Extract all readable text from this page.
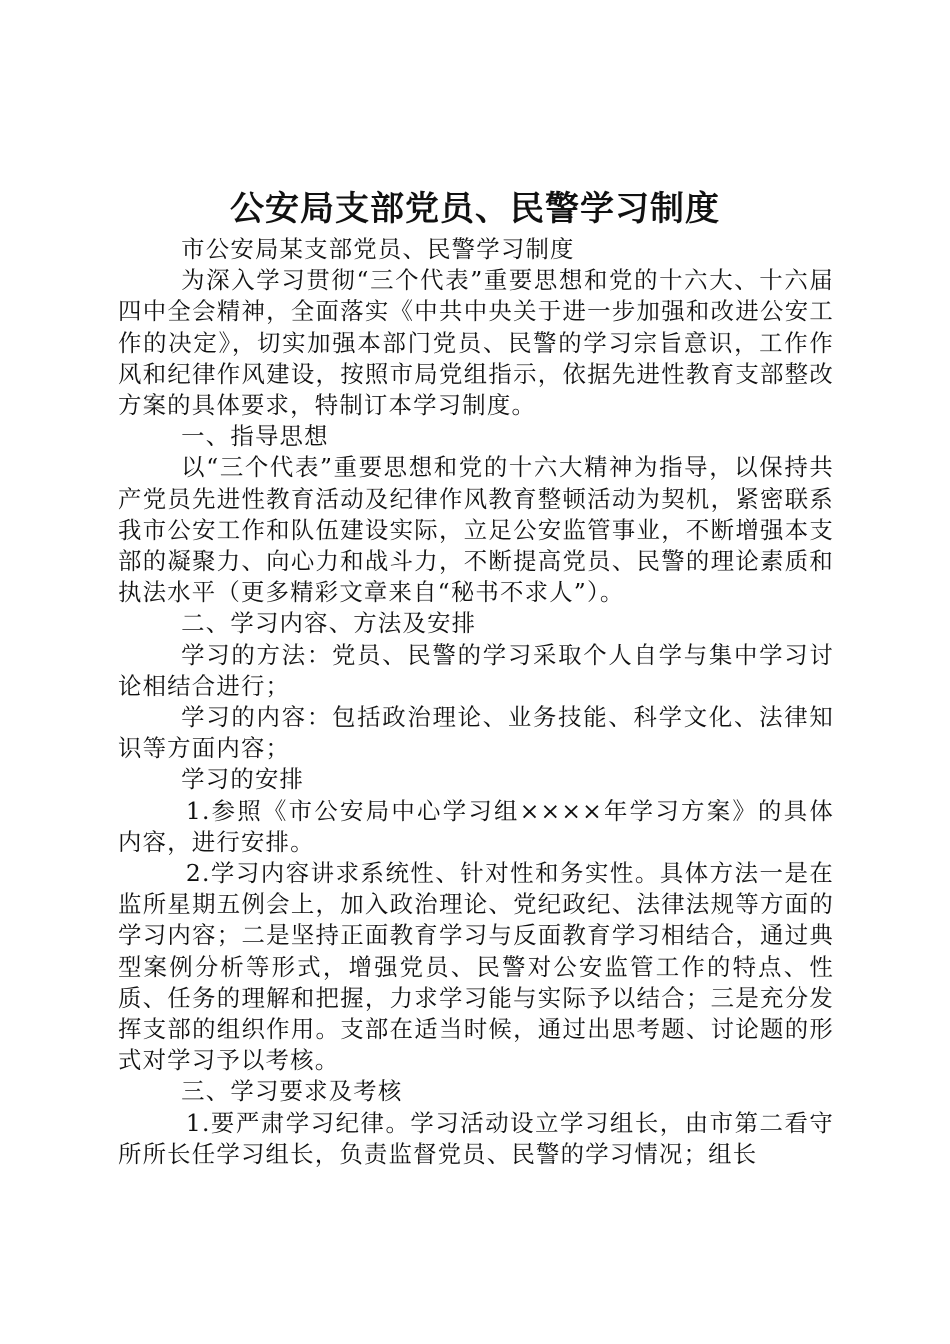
公安局支部党员、民警学习制度

市公安局某支部党员、民警学习制度

为深入学习贯彻“三个代表”重要思想和党的十六大、十六届四中全会精神，全面落实《中共中央关于进一步加强和改进公安工作的决定》，切实加强本部门党员、民警的学习宗旨意识，工作作风和纪律作风建设，按照市局党组指示，依据先进性教育支部整改方案的具体要求，特制订本学习制度。

一、指导思想

以“三个代表”重要思想和党的十六大精神为指导，以保持共产党员先进性教育活动及纪律作风教育整顿活动为契机，紧密联系我市公安工作和队伍建设实际，立足公安监管事业，不断增强本支部的凝聚力、向心力和战斗力，不断提高党员、民警的理论素质和执法水平（更多精彩文章来自“秘书不求人”）。

二、学习内容、方法及安排

学习的方法：党员、民警的学习采取个人自学与集中学习讨论相结合进行；

学习的内容：包括政治理论、业务技能、科学文化、法律知识等方面内容；

学习的安排

1.参照《市公安局中心学习组××××年学习方案》的具体内容，进行安排。

2.学习内容讲求系统性、针对性和务实性。具体方法一是在监所星期五例会上，加入政治理论、党纪政纪、法律法规等方面的学习内容；二是坚持正面教育学习与反面教育学习相结合，通过典型案例分析等形式，增强党员、民警对公安监管工作的特点、性质、任务的理解和把握，力求学习能与实际予以结合；三是充分发挥支部的组织作用。支部在适当时候，通过出思考题、讨论题的形式对学习予以考核。

三、学习要求及考核

1.要严肃学习纪律。学习活动设立学习组长，由市第二看守所所长任学习组长，负责监督党员、民警的学习情况；组长
